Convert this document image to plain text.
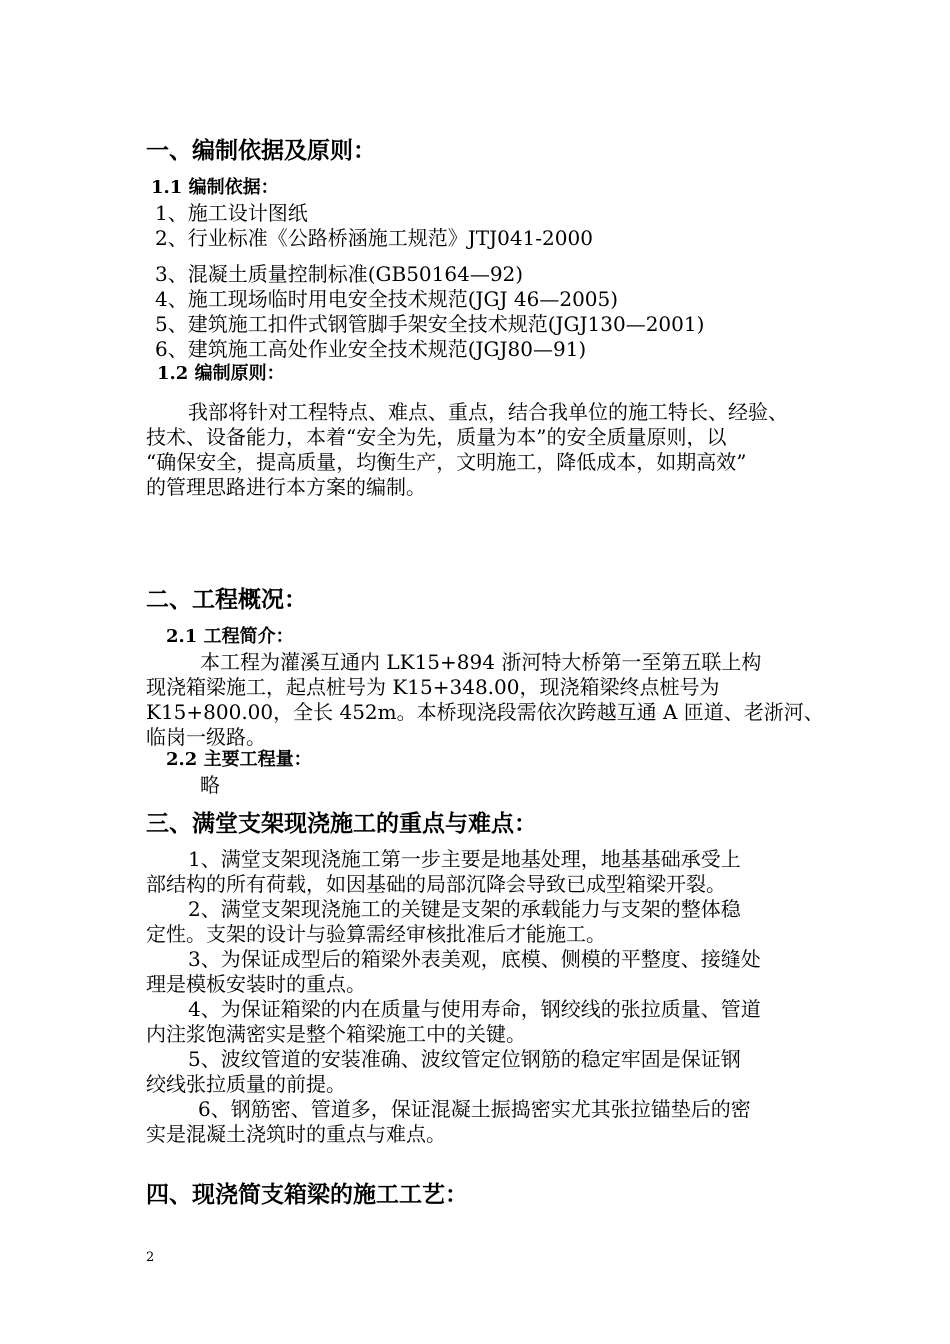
一、编制依据及原则：
1.1 编制依据：
1、施工设计图纸
2、行业标准《公路桥涵施工规范》JTJ041-2000
3、混凝土质量控制标准(GB50164—92)
4、施工现场临时用电安全技术规范(JGJ 46—2005)
5、建筑施工扣件式钢管脚手架安全技术规范(JGJ130—2001)
6、建筑施工高处作业安全技术规范(JGJ80—91)
1.2 编制原则：
我部将针对工程特点、难点、重点，结合我单位的施工特长、经验、
技术、设备能力，本着“安全为先，质量为本”的安全质量原则，以
“确保安全，提高质量，均衡生产，文明施工，降低成本，如期高效”
的管理思路进行本方案的编制。
二、工程概况：
2.1 工程简介：
本工程为灌溪互通内 LK15+894 浙河特大桥第一至第五联上构
现浇箱梁施工，起点桩号为 K15+348.00，现浇箱梁终点桩号为
K15+800.00，全长 452m。本桥现浇段需依次跨越互通 A 匝道、老浙河、
临岗一级路。
2.2 主要工程量：
略
三、满堂支架现浇施工的重点与难点：
1、满堂支架现浇施工第一步主要是地基处理，地基基础承受上
部结构的所有荷载，如因基础的局部沉降会导致已成型箱梁开裂。
2、满堂支架现浇施工的关键是支架的承载能力与支架的整体稳
定性。支架的设计与验算需经审核批准后才能施工。
3、为保证成型后的箱梁外表美观，底模、侧模的平整度、接缝处
理是模板安装时的重点。
4、为保证箱梁的内在质量与使用寿命，钢绞线的张拉质量、管道
内注浆饱满密实是整个箱梁施工中的关键。
5、波纹管道的安装准确、波纹管定位钢筋的稳定牢固是保证钢
绞线张拉质量的前提。
6、钢筋密、管道多，保证混凝土振捣密实尤其张拉锚垫后的密
实是混凝土浇筑时的重点与难点。
四、现浇简支箱梁的施工工艺：
2
